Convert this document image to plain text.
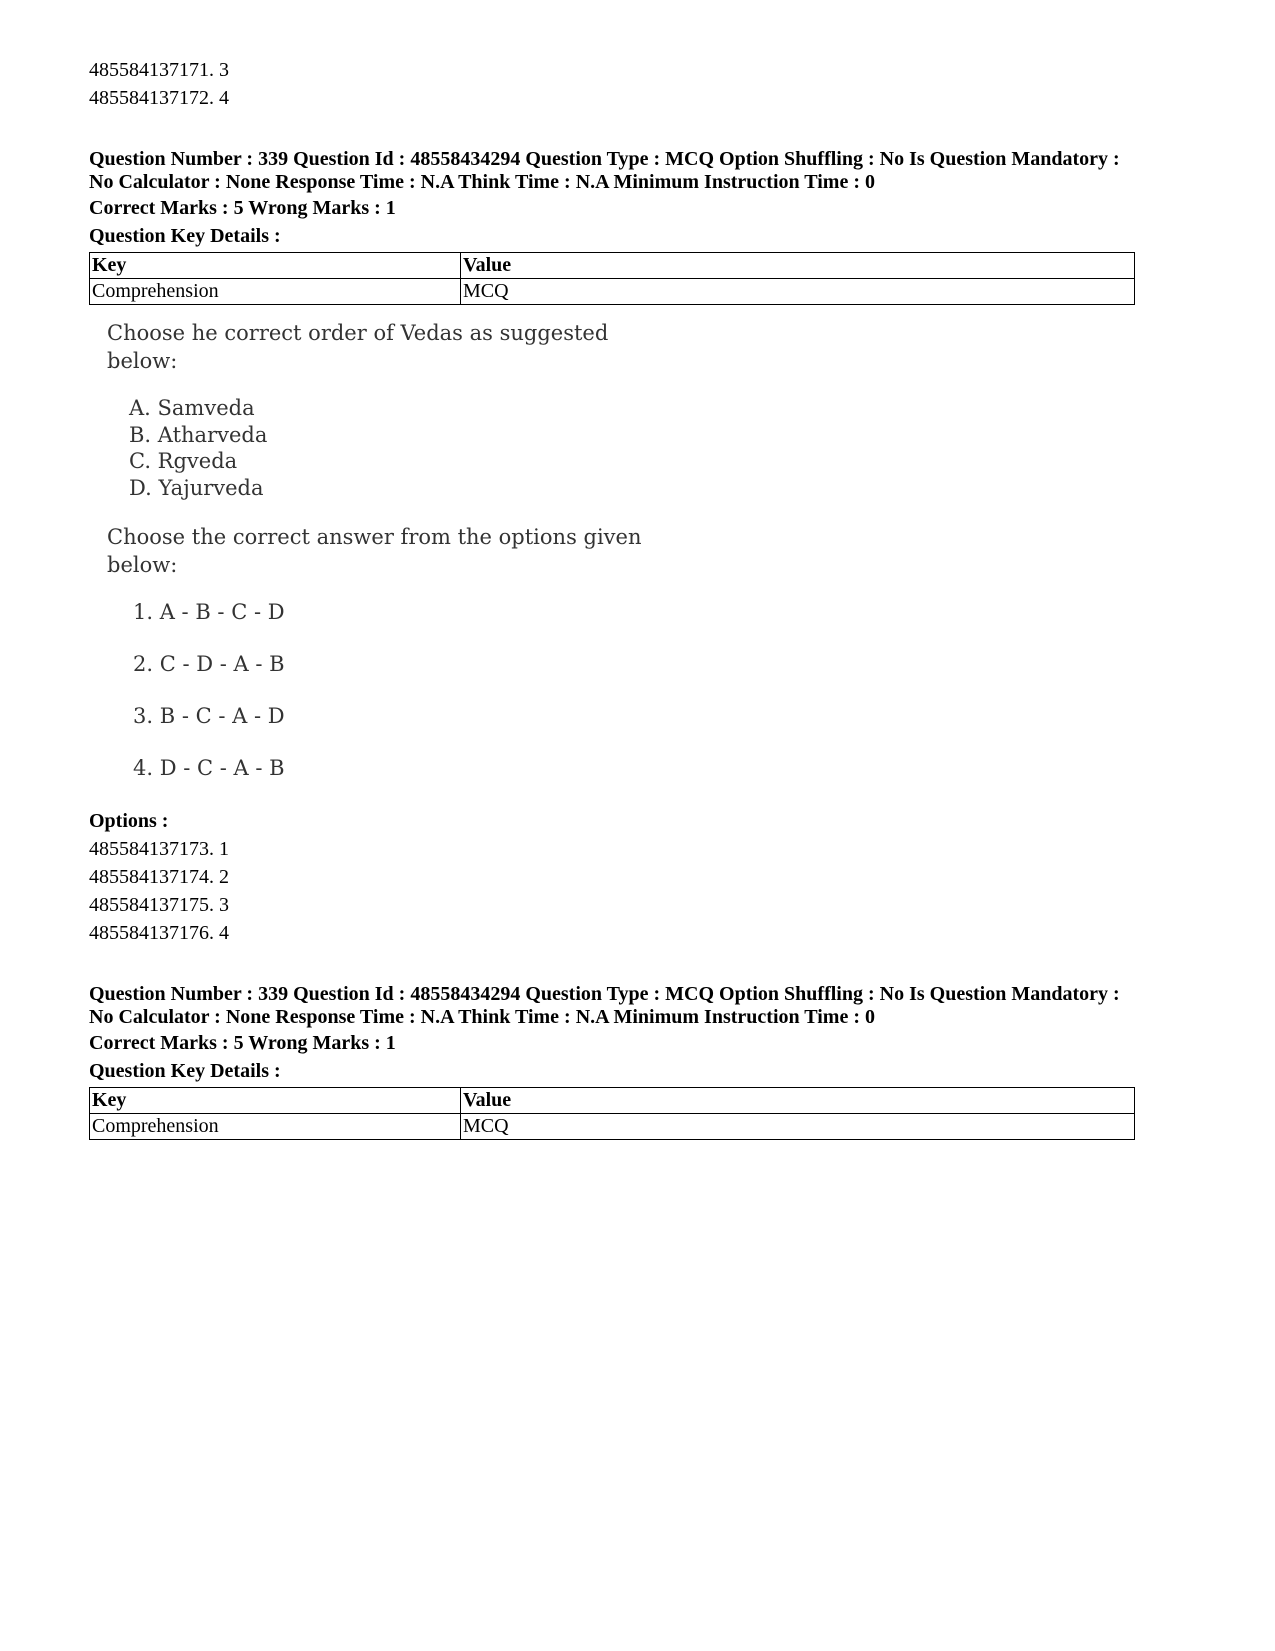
485584137171. 3
485584137172. 4
Question Number : 339 Question Id : 48558434294 Question Type : MCQ Option Shuffling : No Is Question Mandatory :
No Calculator : None Response Time : N.A Think Time : N.A Minimum Instruction Time : 0
Correct Marks : 5 Wrong Marks : 1
Question Key Details :
Key	Value
Comprehension	MCQ
Choose he correct order of Vedas as suggested below:
A. Samveda
B. Atharveda
C. Rgveda
D. Yajurveda
Choose the correct answer from the options given below:
1. A - B - C - D
2. C - D - A - B
3. B - C - A - D
4. D - C - A - B
Options :
485584137173. 1
485584137174. 2
485584137175. 3
485584137176. 4
Question Number : 339 Question Id : 48558434294 Question Type : MCQ Option Shuffling : No Is Question Mandatory :
No Calculator : None Response Time : N.A Think Time : N.A Minimum Instruction Time : 0
Correct Marks : 5 Wrong Marks : 1
Question Key Details :
Key	Value
Comprehension	MCQ
